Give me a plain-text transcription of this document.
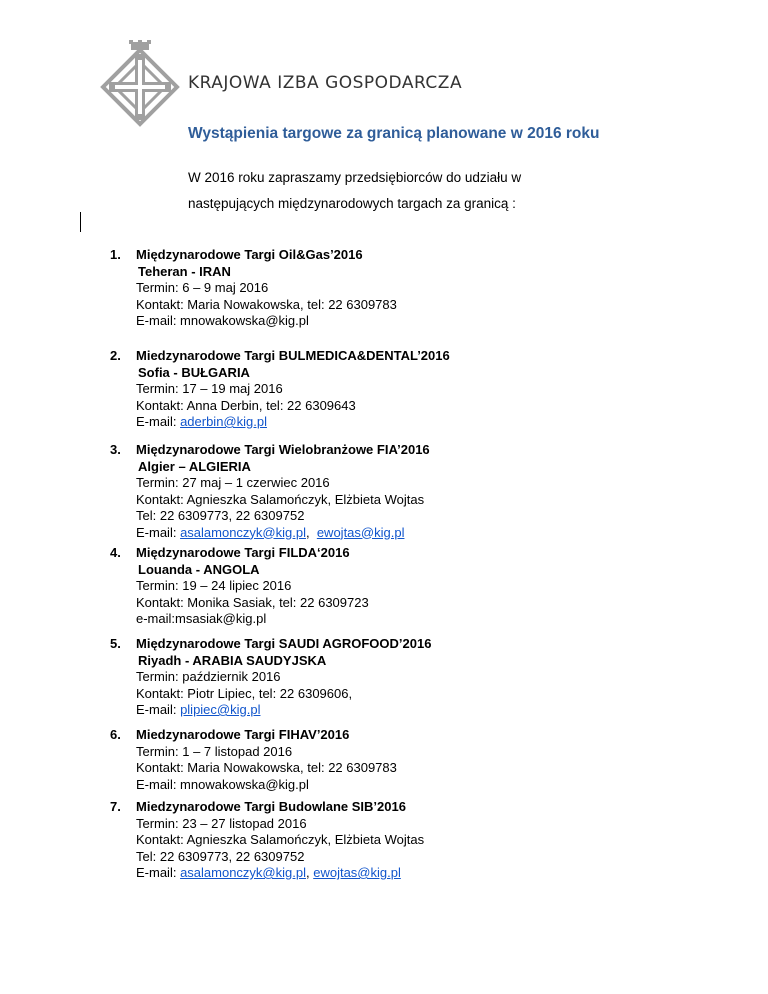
KRAJOWA IZBA GOSPODARCZA
Wystąpienia targowe za granicą planowane w 2016 roku
W 2016 roku zapraszamy przedsiębiorców do udziału w następujących międzynarodowych targach za granicą :
1. Międzynarodowe Targi Oil&Gas’2016
Teheran - IRAN
Termin: 6 – 9 maj 2016
Kontakt: Maria Nowakowska, tel: 22 6309783
E-mail: mnowakowska@kig.pl
2. Miedzynarodowe Targi BULMEDICA&DENTAL’2016
Sofia - BUŁGARIA
Termin: 17 – 19 maj 2016
Kontakt: Anna Derbin, tel: 22 6309643
E-mail: aderbin@kig.pl
3. Międzynarodowe Targi Wielobranżowe FIA’2016
Algier – ALGIERIA
Termin: 27 maj – 1 czerwiec 2016
Kontakt: Agnieszka Salamończyk, Elżbieta Wojtas
Tel: 22 6309773, 22 6309752
E-mail: asalamonczyk@kig.pl,  ewojtas@kig.pl
4. Międzynarodowe Targi FILDA‘2016
Louanda - ANGOLA
Termin: 19 – 24 lipiec 2016
Kontakt: Monika Sasiak, tel: 22 6309723
e-mail:msasiak@kig.pl
5. Międzynarodowe Targi SAUDI AGROFOOD’2016
Riyadh - ARABIA SAUDYJSKA
Termin: październik 2016
Kontakt: Piotr Lipiec, tel: 22 6309606,
E-mail: plipiec@kig.pl
6. Miedzynarodowe Targi FIHAV’2016
Termin: 1 – 7 listopad 2016
Kontakt: Maria Nowakowska, tel: 22 6309783
E-mail: mnowakowska@kig.pl
7. Miedzynarodowe Targi Budowlane SIB’2016
Termin: 23 – 27 listopad 2016
Kontakt: Agnieszka Salamończyk, Elżbieta Wojtas
Tel: 22 6309773, 22 6309752
E-mail: asalamonczyk@kig.pl, ewojtas@kig.pl
